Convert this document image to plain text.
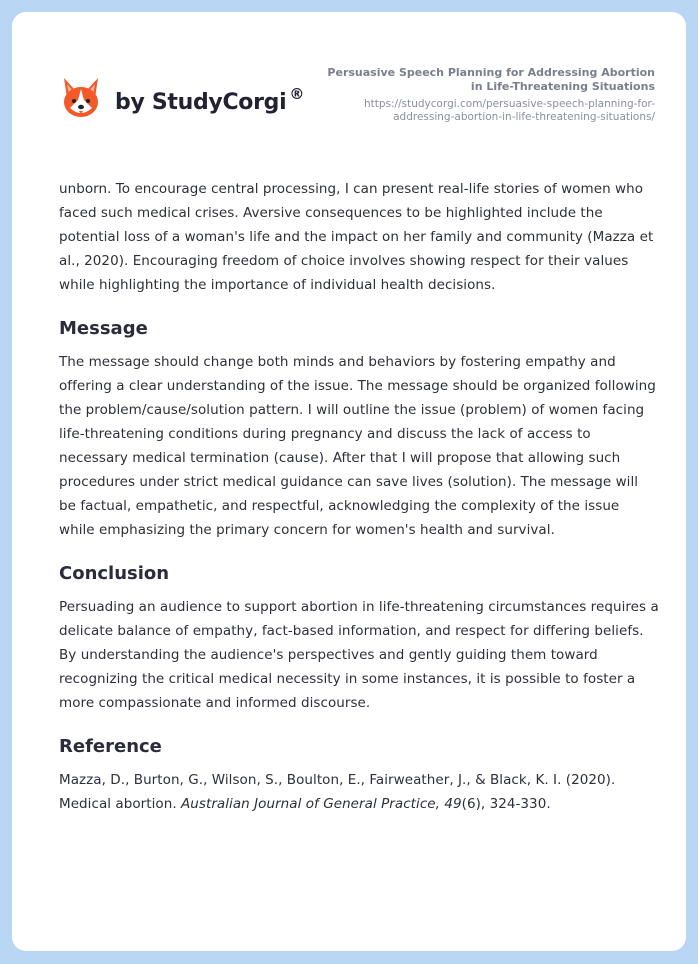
by StudyCorgi ®
Persuasive Speech Planning for Addressing Abortion in Life-Threatening Situations
https://studycorgi.com/persuasive-speech-planning-for-addressing-abortion-in-life-threatening-situations/

unborn. To encourage central processing, I can present real-life stories of women who faced such medical crises. Aversive consequences to be highlighted include the potential loss of a woman's life and the impact on her family and community (Mazza et al., 2020). Encouraging freedom of choice involves showing respect for their values while highlighting the importance of individual health decisions.

Message

The message should change both minds and behaviors by fostering empathy and offering a clear understanding of the issue. The message should be organized following the problem/cause/solution pattern. I will outline the issue (problem) of women facing life-threatening conditions during pregnancy and discuss the lack of access to necessary medical termination (cause). After that I will propose that allowing such procedures under strict medical guidance can save lives (solution). The message will be factual, empathetic, and respectful, acknowledging the complexity of the issue while emphasizing the primary concern for women's health and survival.

Conclusion

Persuading an audience to support abortion in life-threatening circumstances requires a delicate balance of empathy, fact-based information, and respect for differing beliefs. By understanding the audience's perspectives and gently guiding them toward recognizing the critical medical necessity in some instances, it is possible to foster a more compassionate and informed discourse.

Reference

Mazza, D., Burton, G., Wilson, S., Boulton, E., Fairweather, J., & Black, K. I. (2020). Medical abortion. Australian Journal of General Practice, 49(6), 324-330.
